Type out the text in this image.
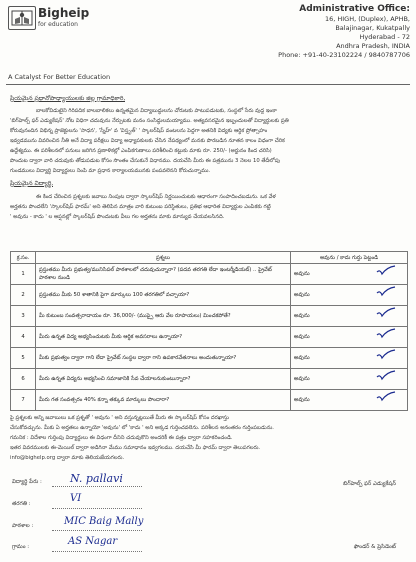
Bigheip
for education
A Catalyst For Better Education
Administrative Office:
16, HIGH, (Duplex), APHB,
Balajinagar, Kukatpally
Hyderabad - 72
Andhra Pradesh, INDIA
Phone: +91-40-23102224 / 9840787706
ప్రియమైన ప్రధానోపాధ్యాయులకు జిల్ల గ్రామాధికారి,
బాలకోవిడుటైని గిరిపదిక బాలబాలికలు ఉన్నతమైన విద్యాబుద్ధులను చోరుటకు పాటుపడుటకు, సంస్థలో సేరు వుద్ద ఇంకా
'బిగ్‌హెల్ప్ ఫర్ ఎడ్యుకేషన్' నోట విధిగా చదువును నేర్పుటకు మనం సంసిద్ధులమయ్యాము. అత్యవసరమైన ఇబ్బందులతో విద్యార్థులకు ప్రతి
కోరువునందిన విభిన్న ప్రాజెక్టులను 'సాధన', 'స్నేహ్' వ 'విస్తృత్' ' స్కాలర్‌షిప్ వంటలను పెద్దగా అతనికి విద్యకు ఆర్థిక ప్రోత్సాహం
ఇవ్వడమును వివరించిన నీతి అనే విద్యా పరీక్షలు విద్యా అధ్యాపకులకు చేసిన నేపథ్యంలో మనకు పొరబడిన నూతన కాలం విధంగా చేరిక
ఉద్దేశ్యము. ఈ పరిశీలనలో పనులు జరిగిన ప్రణాళికల్లో ఎంపికగుణాలు పరిశీలించి కట్టుకు మాకు రూ. 250/- (అర్జునం కింద చరిసి)
పొందుట ద్వారా వారి చదువుకు తోడుపడుట కోసం సొంతం చేసుకునే విధానము. దయచేసి మీరు ఈ పత్రమును 3 నెలల 10 తేదీలోపు
గుండములు విద్యార్థి విద్యార్థులు నింపి మా ప్రధాన కార్యాలయమునకు పంపవలెనని కోరుచున్నాము.
ప్రియమైన విద్యార్థి,
ఈ కింద చేరించిన ప్రశ్నలకు జవాబు నింపుట ద్వారా స్కాలర్‌షిప్‌ నిర్ణయించుటకు ఆధారంగా సంపాదించబడును. ఒక వేళ
అర్హతను పొందలేని 'స్కాలర్‌షిప్ ఫారమ్' అని తెలిపిన మాత్రం వారి కుటుంబ పరిస్థితులు, ప్రతిభ ఆధారిత విద్యార్థుల ఎంపికకు గట్టి
' అవును - కాదు ' ల ఆప్షనల్లో స్కాలర్‌షిప్ పొందుటకు వీలు గల అర్హతను మాకు మాన్యువ చేయవలసినది.
క్ర.సం.	ప్రశ్నలు	అవును / కాదు గుర్తు పెట్టండి
1	ప్రస్తుతము మీరు ప్రభుత్వ/మునిసిపల్ పాఠశాలలో చదువుచున్నారా? (పదవ తరగతి లేదా ఇంటర్మీడియట్) .. ప్రైవేట్ పాఠశాల నుండి	అవును

2	ప్రస్తుతము మీకు 50 శాతానికి పైగా మార్కులు 100 తరగతిలో వచ్చాయా?	అవును

3	మీ కుటుంబ సంవత్సరాదాయం రూ. 36,000/- (ముప్పై ఆరు వేల రూపాయలు) మించకపోతే?	అవును

4	మీరు ఉన్నత విద్య అభ్యసించుటకు మీకు ఆర్థిక అవసరాలు ఉన్నాయా?	అవును

5	మీకు ప్రభుత్వం ద్వారా గాని లేదా ప్రైవేట్ సంస్థల ద్వారా గాని ఉపకారవేతనాలు అందుతున్నాయా?	అవును

6	మీరు ఉన్నత విద్యను అభ్యసించి సమాజానికి సేవ చేయాలనుకుంటున్నారా?	అవును

7	మీరు గత సంవత్సరం 40% కన్నా తక్కువ మార్కులు పొందారా?	అవును
పై ప్రశ్నలకు అన్ని జవాబులు ఒక ప్రశ్నతో ' అవును ' అని వస్తున్నట్లయితే మీరు ఈ స్కాలర్‌షిప్ కోసం దరఖాస్తు
చేసుకోవచ్చును. మీకు ఏ అర్హతలు ఉన్నాయో 'అవును' లో 'కాదు ' అని అక్కడ గుర్తించవలెను. పరిశీలన అనంతరం గుర్తింపబడును.
గమనిక : విదేశాల గుర్తింపు విద్యార్థులు ఈ విధంగా దీనిని చదువుకొని అందరికీ ఈ పత్రం ద్వారా సహకరించండి.
ఇతర వివరములకు ఈ-మెయిల్ ద్వారా అడిగినా మేము సమాధానం ఇవ్వగలము. దయచేసి మీ ఫారమ్ ద్వారా తెలుపగలరు.
info@bighelp.org ద్వారా మాకు తెలియజేయగలరు.
విద్యార్థి పేరు :	N. pallavi
తరగతి :	VI
పాఠశాల :	MIC Baig Mally
గ్రామం :	AS Nagar
బిగ్‌హెల్ప్ ఫర్ ఎడ్యుకేషన్
ఫౌండర్ & ప్రెసిడెంట్
